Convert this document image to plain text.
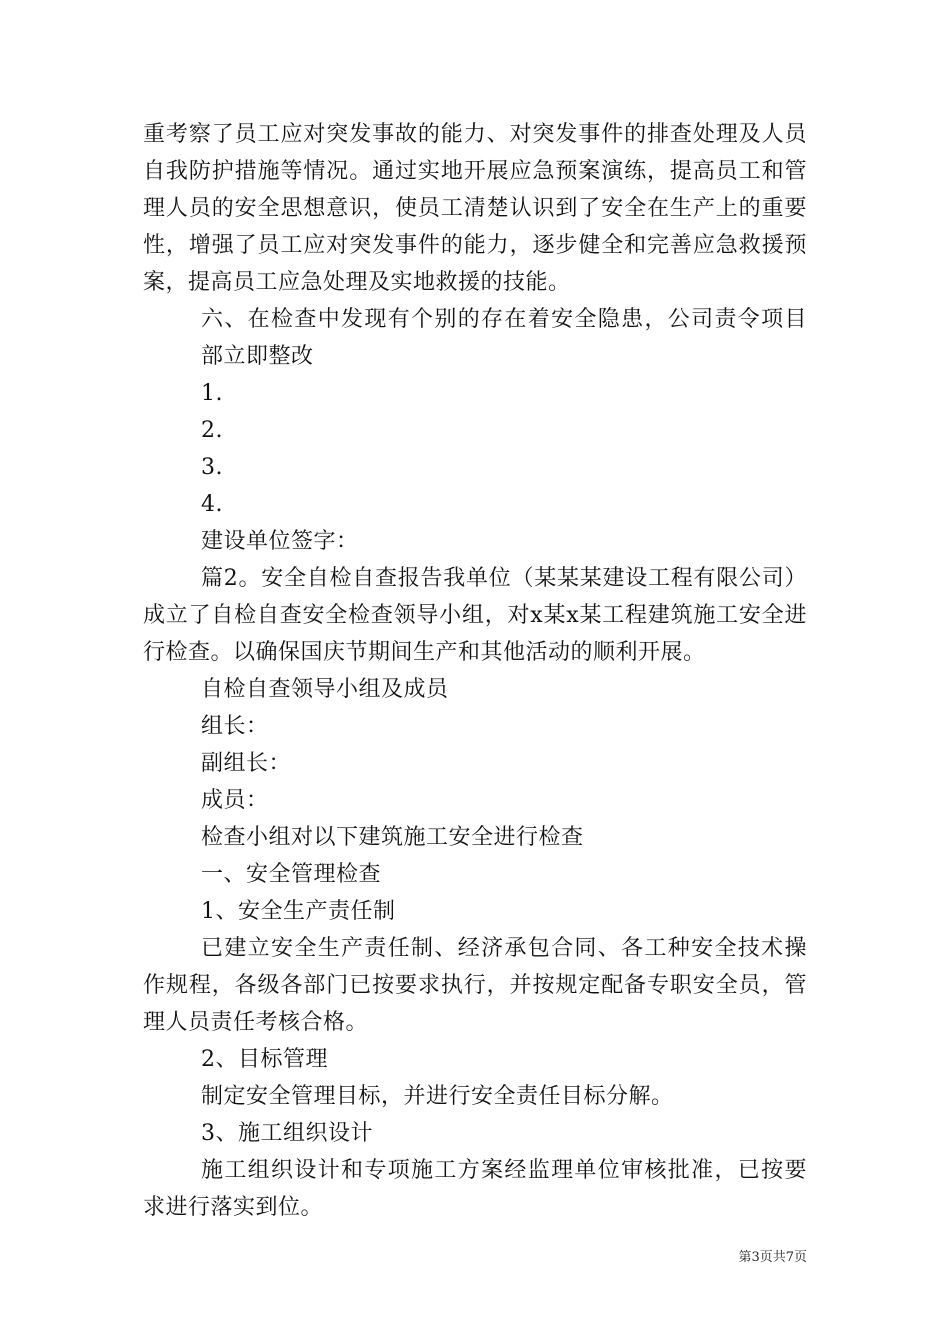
重考察了员工应对突发事故的能力、对突发事件的排查处理及人员自我防护措施等情况。通过实地开展应急预案演练，提高员工和管理人员的安全思想意识，使员工清楚认识到了安全在生产上的重要性，增强了员工应对突发事件的能力，逐步健全和完善应急救援预案，提高员工应急处理及实地救援的技能。

六、在检查中发现有个别的存在着安全隐患，公司责令项目部立即整改

1.

2.

3.

4.

建设单位签字：

篇2。安全自检自查报告我单位（某某某建设工程有限公司）成立了自检自查安全检查领导小组，对x某x某工程建筑施工安全进行检查。以确保国庆节期间生产和其他活动的顺利开展。

自检自查领导小组及成员

组长：

副组长：

成员：

检查小组对以下建筑施工安全进行检查

一、安全管理检查

1、安全生产责任制

已建立安全生产责任制、经济承包合同、各工种安全技术操作规程，各级各部门已按要求执行，并按规定配备专职安全员，管理人员责任考核合格。

2、目标管理

制定安全管理目标，并进行安全责任目标分解。

3、施工组织设计

施工组织设计和专项施工方案经监理单位审核批准，已按要求进行落实到位。

第3页共7页
